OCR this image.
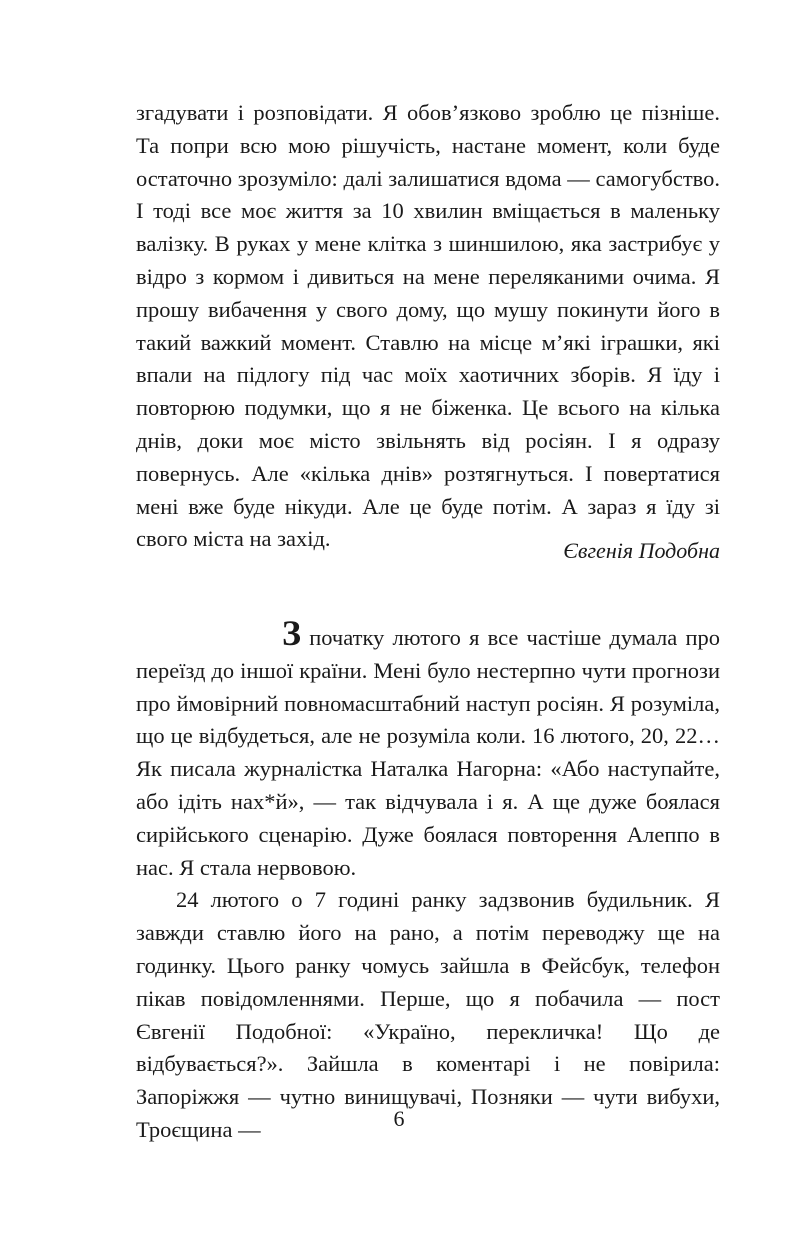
згадувати і розповідати. Я обов’язково зроблю це пізніше. Та попри всю мою рішучість, настане момент, коли буде остаточно зрозуміло: далі залишатися вдома — самогубство. І тоді все моє життя за 10 хвилин вміщається в маленьку валізку. В руках у мене клітка з шиншилою, яка застрибує у відро з кормом і дивиться на мене переляканими очима. Я прошу вибачення у свого дому, що мушу покинути його в такий важкий момент. Ставлю на місце м’які іграшки, які впали на підлогу під час моїх хаотичних зборів. Я їду і повторюю подумки, що я не біженка. Це всього на кілька днів, доки моє місто звільнять від росіян. І я одразу повернусь. Але «кілька днів» розтягнуться. І повертатися мені вже буде нікуди. Але це буде потім. А зараз я їду зі свого міста на захід.	Євгенія Подобна

З початку лютого я все частіше думала про переїзд до іншої країни. Мені було нестерпно чути прогнози про ймовірний повномасштабний наступ росіян. Я розуміла, що це відбудеться, але не розуміла коли. 16 лютого, 20, 22… Як писала журналістка Наталка Нагорна: «Або наступайте, або ідіть нах*й», — так відчувала і я. А ще дуже боялася сирійського сценарію. Дуже боялася повторення Алеппо в нас. Я стала нервовою.

24 лютого о 7 годині ранку задзвонив будильник. Я завжди ставлю його на рано, а потім переводжу ще на годинку. Цього ранку чомусь зайшла в Фейсбук, телефон пікав повідомленнями. Перше, що я побачила — пост Євгенії Подобної: «Україно, перекличка! Що де відбувається?». Зайшла в коментарі і не повірила: Запоріжжя — чутно винищувачі, Позняки — чути вибухи, Троєщина —	6
